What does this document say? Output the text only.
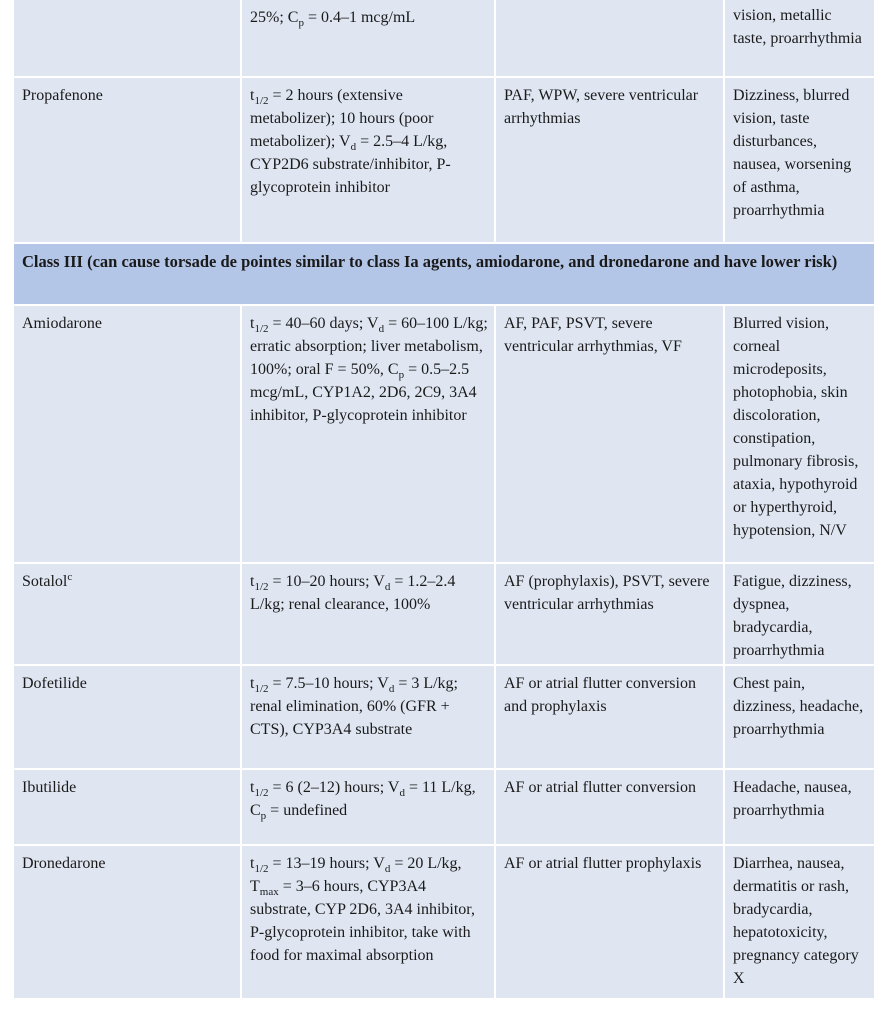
	25%; $C_p = 0.4-1$ mcg/mL		vision, metallic taste, proarrhythmia
Propafenone	$t_{1/2} = 2$ hours (extensive metabolizer); 10 hours (poor metabolizer); $V_d = 2.5-4$ L/kg, CYP2D6 substrate/inhibitor, P-glycoprotein inhibitor	PAF, WPW, severe ventricular arrhythmias	Dizziness, blurred vision, taste disturbances, nausea, worsening of asthma, proarrhythmia
Class III (can cause torsade de pointes similar to class Ia agents, amiodarone, and dronedarone and have lower risk)			
Amiodarone	$t_{1/2} = 40-60$ days; $V_d = 60-100$ L/kg; erratic absorption; liver metabolism, 100%; oral F = 50%, $C_p = 0.5-2.5$ mcg/mL, CYP1A2, 2D6, 2C9, 3A4 inhibitor, P-glycoprotein inhibitor	AF, PAF, PSVT, severe ventricular arrhythmias, VF	Blurred vision, corneal microdeposits, photophobia, skin discoloration, constipation, pulmonary fibrosis, ataxia, hypothyroid or hyperthyroid, hypotension, N/V
Sotalol$^c$	$t_{1/2} = 10-20$ hours; $V_d = 1.2-2.4$ L/kg; renal clearance, 100%	AF (prophylaxis), PSVT, severe ventricular arrhythmias	Fatigue, dizziness, dyspnea, bradycardia, proarrhythmia
Dofetilide	$t_{1/2} = 7.5-10$ hours; $V_d = 3$ L/kg; renal elimination, 60% (GFR + CTS), CYP3A4 substrate	AF or atrial flutter conversion and prophylaxis	Chest pain, dizziness, headache, proarrhythmia
Ibutilide	$t_{1/2} = 6$ (2–12) hours; $V_d = 11$ L/kg, $C_p$ = undefined	AF or atrial flutter conversion	Headache, nausea, proarrhythmia
Dronedarone	$t_{1/2} = 13-19$ hours; $V_d = 20$ L/kg, $T_{max} = 3-6$ hours, CYP3A4 substrate, CYP 2D6, 3A4 inhibitor, P-glycoprotein inhibitor, take with food for maximal absorption	AF or atrial flutter prophylaxis	Diarrhea, nausea, dermatitis or rash, bradycardia, hepatotoxicity, pregnancy category X
